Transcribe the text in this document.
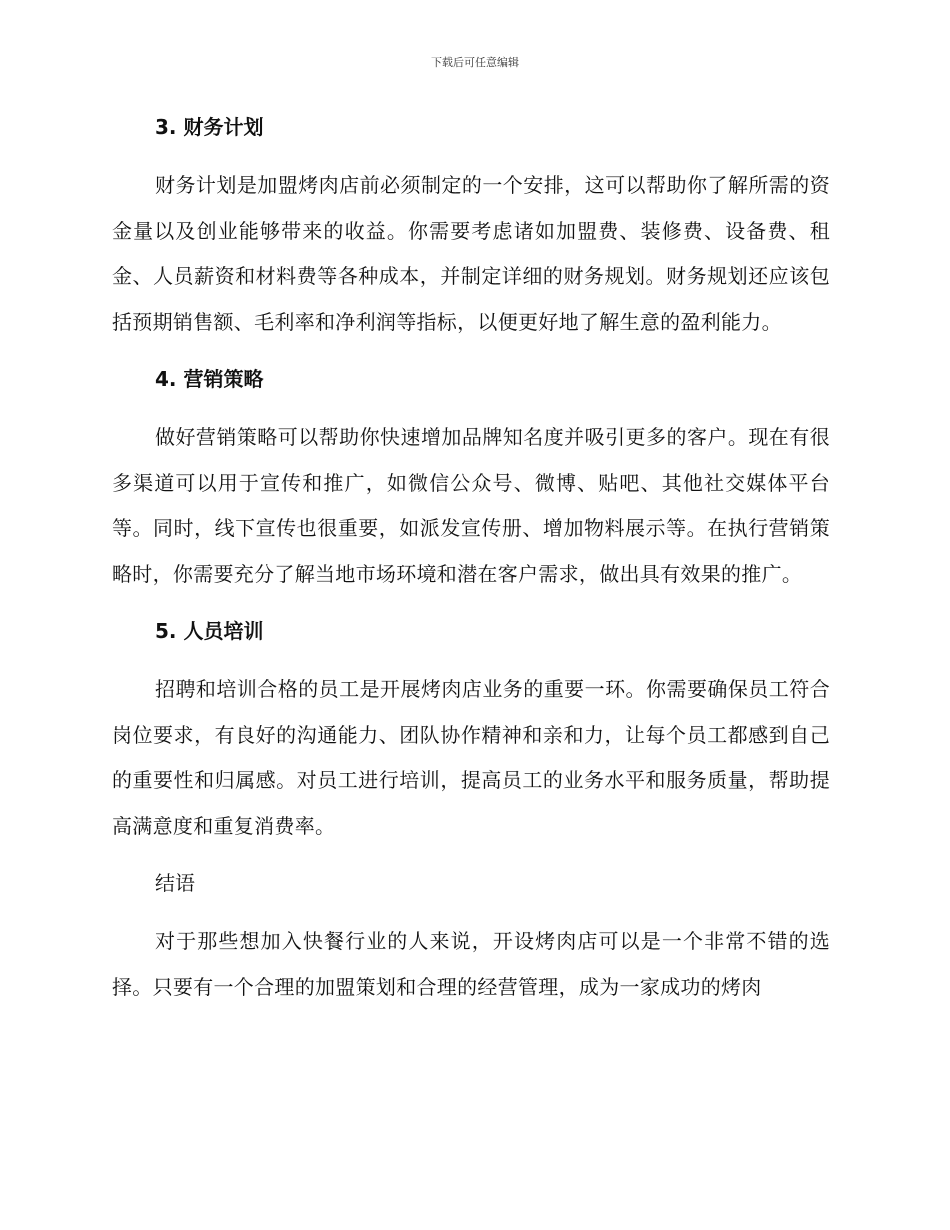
下载后可任意编辑
3. 财务计划

财务计划是加盟烤肉店前必须制定的一个安排，这可以帮助你了解所需的资金量以及创业能够带来的收益。你需要考虑诸如加盟费、装修费、设备费、租金、人员薪资和材料费等各种成本，并制定详细的财务规划。财务规划还应该包括预期销售额、毛利率和净利润等指标，以便更好地了解生意的盈利能力。

4. 营销策略

做好营销策略可以帮助你快速增加品牌知名度并吸引更多的客户。现在有很多渠道可以用于宣传和推广，如微信公众号、微博、贴吧、其他社交媒体平台等。同时，线下宣传也很重要，如派发宣传册、增加物料展示等。在执行营销策略时，你需要充分了解当地市场环境和潜在客户需求，做出具有效果的推广。

5. 人员培训

招聘和培训合格的员工是开展烤肉店业务的重要一环。你需要确保员工符合岗位要求，有良好的沟通能力、团队协作精神和亲和力，让每个员工都感到自己的重要性和归属感。对员工进行培训，提高员工的业务水平和服务质量，帮助提高满意度和重复消费率。

结语

对于那些想加入快餐行业的人来说，开设烤肉店可以是一个非常不错的选择。只要有一个合理的加盟策划和合理的经营管理，成为一家成功的烤肉
